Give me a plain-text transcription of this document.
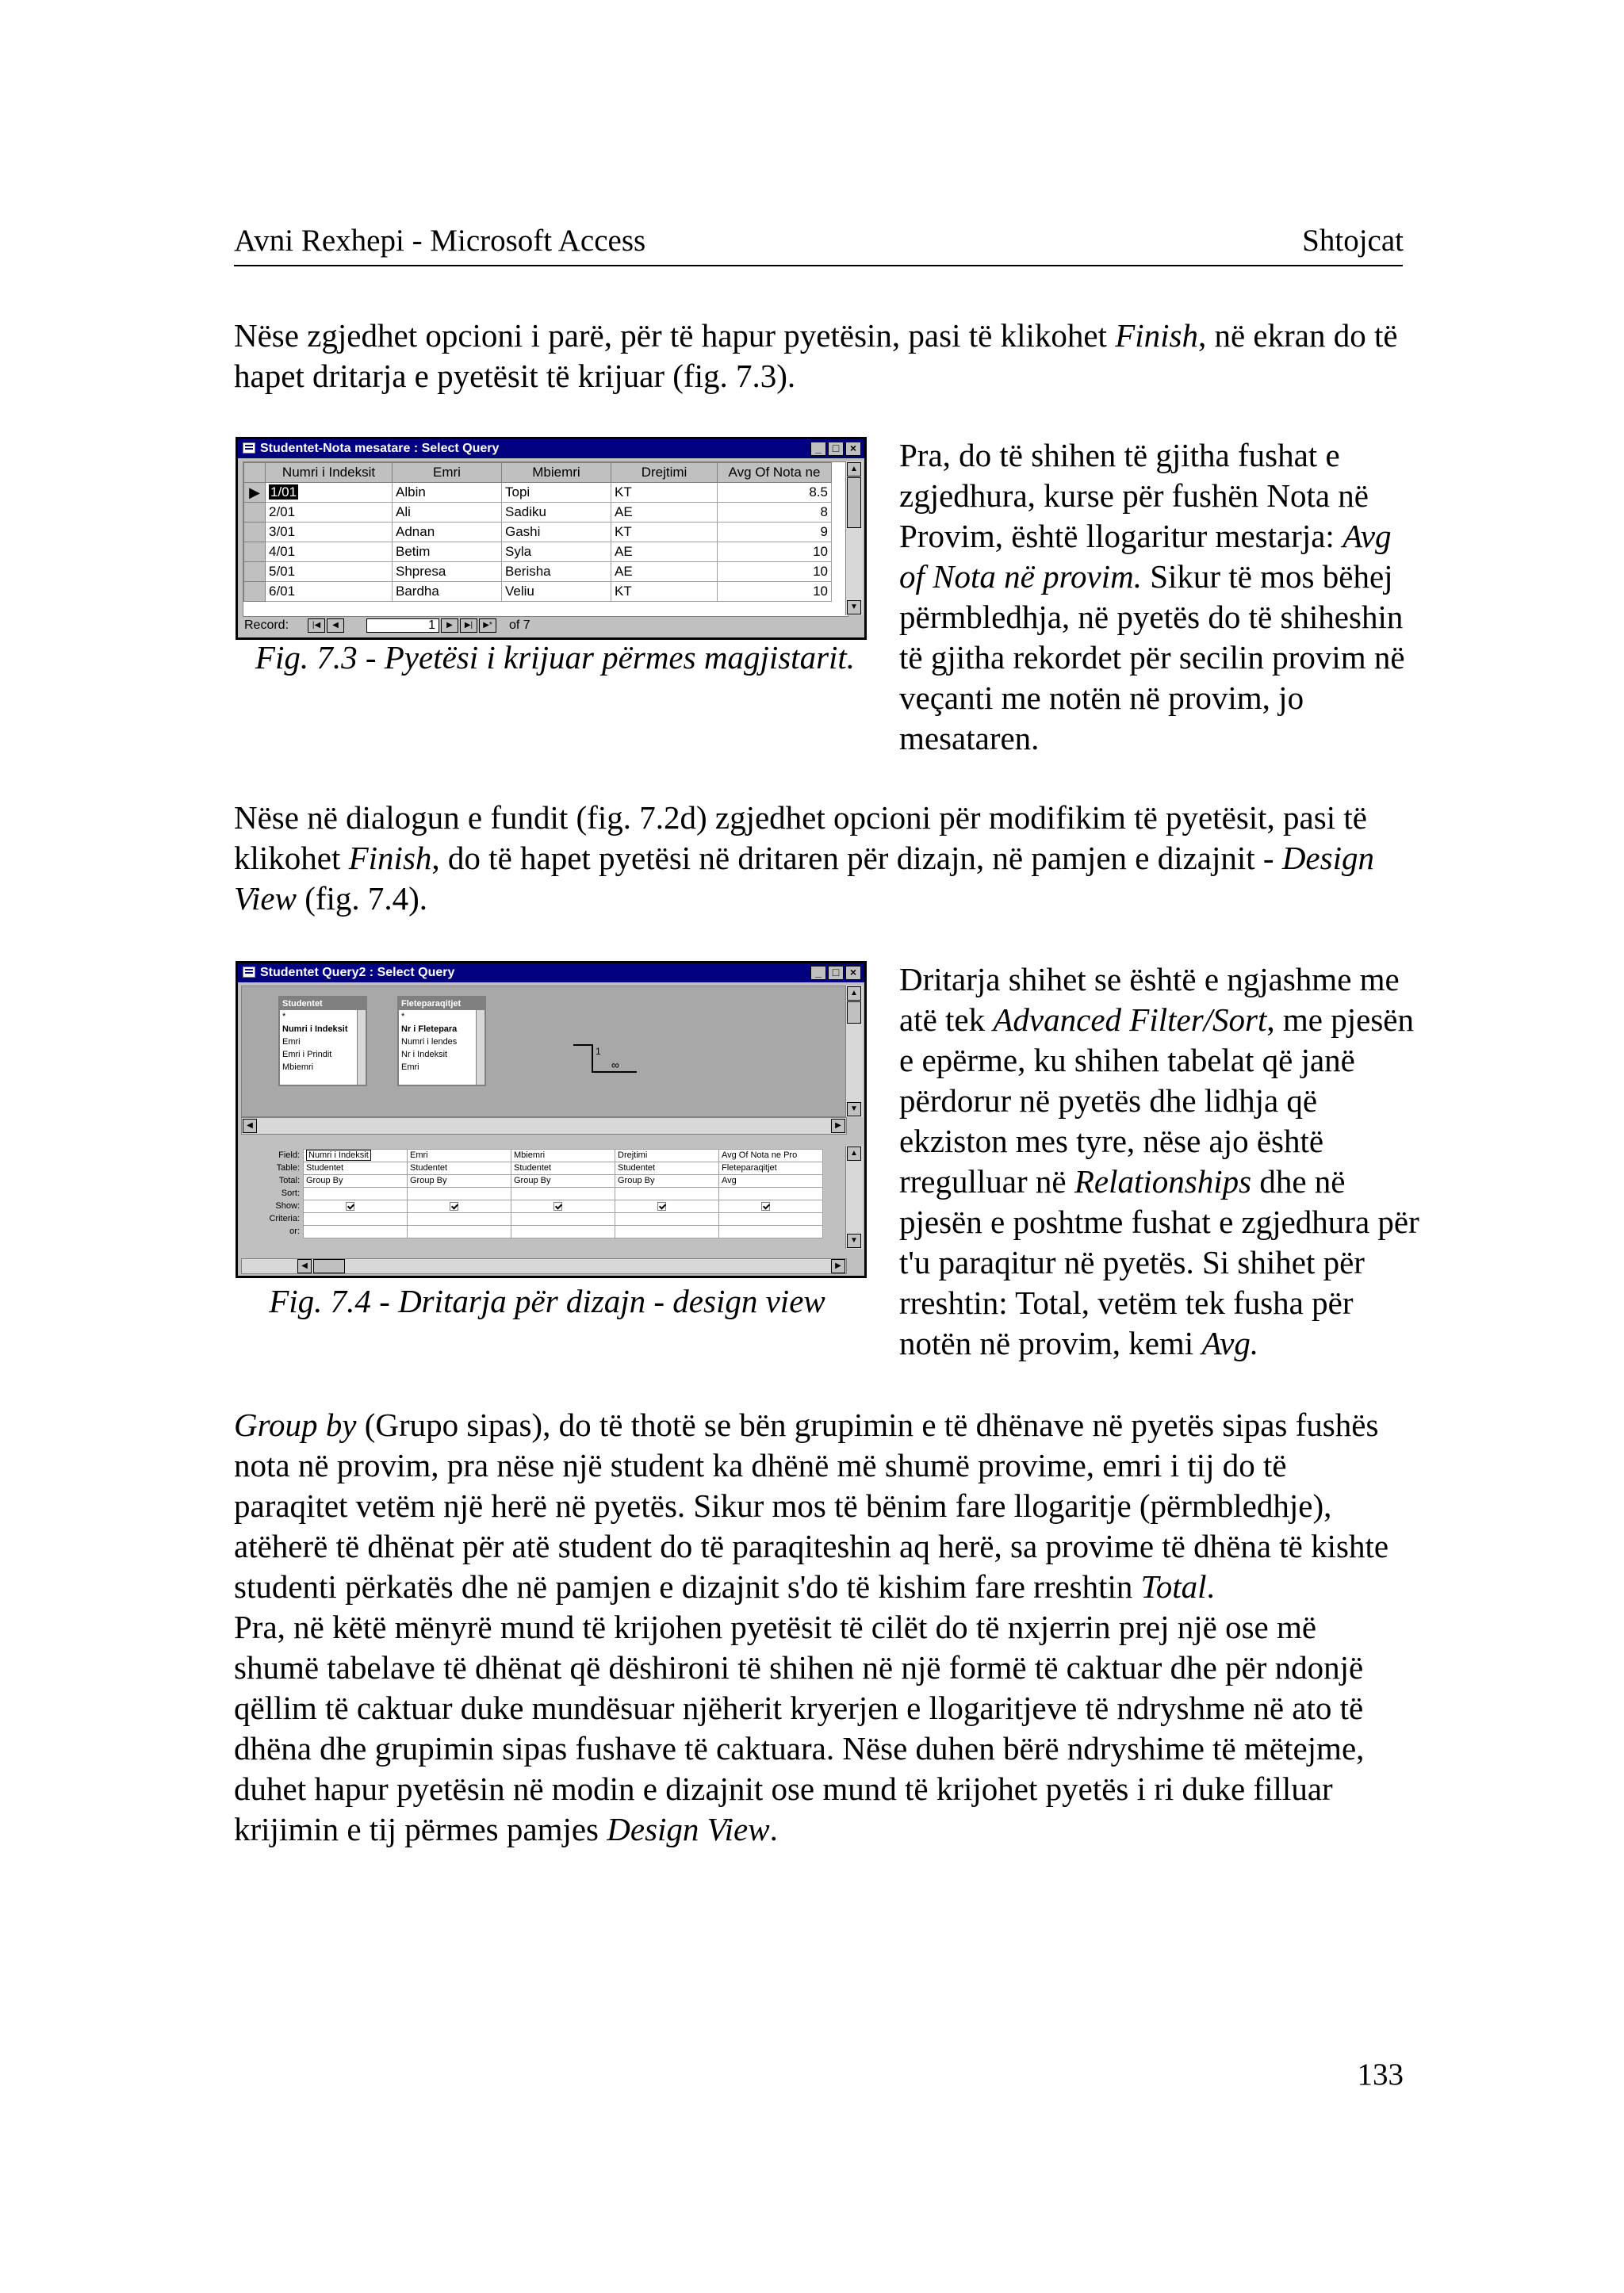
Avni Rexhepi - Microsoft Access	Shtojcat
Nëse zgjedhet opcioni i parë, për të hapur pyetësin, pasi të klikohet Finish, në ekran do të hapet dritarja e pyetësit të krijuar (fig. 7.3).
Studentet-Nota mesatare : Select Query	_ □ ×
	Numri i Indeksit	Emri	Mbiemri	Drejtimi	Avg Of Nota ne
▶	1/01	Albin	Topi	KT	8.5
	2/01	Ali	Sadiku	AE	8
	3/01	Adnan	Gashi	KT	9
	4/01	Betim	Syla	AE	10
	5/01	Shpresa	Berisha	AE	10
	6/01	Bardha	Veliu	KT	10
▲
▼
Record:	|◀	◀	1	▶	▶|	▶*	of 7
Fig. 7.3 - Pyetësi i krijuar përmes magjistarit.
Pra, do të shihen të gjitha fushat e zgjedhura, kurse për fushën Nota në Provim, është llogaritur mestarja: Avg of Nota në provim. Sikur të mos bëhej përmbledhja, në pyetës do të shiheshin të gjitha rekordet për secilin provim në veçanti me notën në provim, jo mesataren.
Nëse në dialogun e fundit (fig. 7.2d) zgjedhet opcioni për modifikim të pyetësit, pasi të klikohet Finish, do të hapet pyetësi në dritaren për dizajn, në pamjen e dizajnit - Design View (fig. 7.4).
Studentet Query2 : Select Query	_ □ ×
Studentet
*
Numri i Indeksit
Emri
Emri i Prindit
Mbiemri
1
∞
Fleteparaqitjet
*
Nr i Fletepara
Numri i lendes
Nr i Indeksit
Emri
◀	▶
Field:	Numri i Indeksit	Emri	Mbiemri	Drejtimi	Avg Of Nota ne Pro
Table:	Studentet	Studentet	Studentet	Studentet	Fleteparaqitjet
Total:	Group By	Group By	Group By	Group By	Avg
Sort:					
Show:					
Criteria:					
or:					
▲
▼
▲
▼
◀	▶
Fig. 7.4 - Dritarja për dizajn - design view
Dritarja shihet se është e ngjashme me atë tek Advanced Filter/Sort, me pjesën e epërme, ku shihen tabelat që janë përdorur në pyetës dhe lidhja që ekziston mes tyre, nëse ajo është rregulluar në Relationships dhe në pjesën e poshtme fushat e zgjedhura për t'u paraqitur në pyetës. Si shihet për rreshtin: Total, vetëm tek fusha për notën në provim, kemi Avg.

Group by (Grupo sipas), do të thotë se bën grupimin e të dhënave në pyetës sipas fushës nota në provim, pra nëse një student ka dhënë më shumë provime, emri i tij do të paraqitet vetëm një herë në pyetës. Sikur mos të bënim fare llogaritje (përmbledhje), atëherë të dhënat për atë student do të paraqiteshin aq herë, sa provime të dhëna të kishte studenti përkatës dhe në pamjen e dizajnit s'do të kishim fare rreshtin Total.

Pra, në këtë mënyrë mund të krijohen pyetësit të cilët do të nxjerrin prej një ose më shumë tabelave të dhënat që dëshironi të shihen në një formë të caktuar dhe për ndonjë qëllim të caktuar duke mundësuar njëherit kryerjen e llogaritjeve të ndryshme në ato të dhëna dhe grupimin sipas fushave të caktuara. Nëse duhen bërë ndryshime të mëtejme, duhet hapur pyetësin në modin e dizajnit ose mund të krijohet pyetës i ri duke filluar krijimin e tij përmes pamjes Design View.

133
